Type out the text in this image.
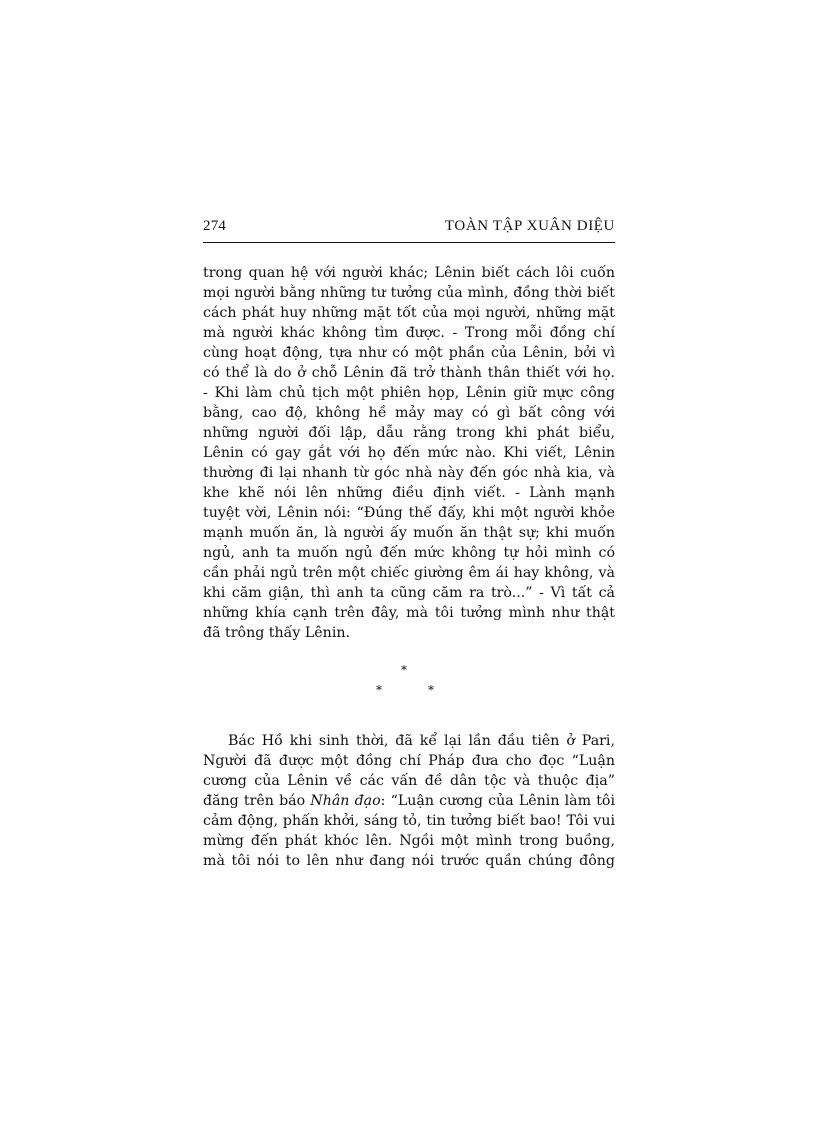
274	TOÀN TẬP XUÂN DIỆU
trong quan hệ với người khác; Lênin biết cách lôi cuốn
mọi người bằng những tư tưởng của mình, đồng thời biết
cách phát huy những mặt tốt của mọi người, những mặt
mà người khác không tìm được. - Trong mỗi đồng chí
cùng hoạt động, tựa như có một phần của Lênin, bởi vì
có thể là do ở chỗ Lênin đã trở thành thân thiết với họ.
- Khi làm chủ tịch một phiên họp, Lênin giữ mực công
bằng, cao độ, không hề mảy may có gì bất công với
những người đối lập, dẫu rằng trong khi phát biểu,
Lênin có gay gắt với họ đến mức nào. Khi viết, Lênin
thường đi lại nhanh từ góc nhà này đến góc nhà kia, và
khe khẽ nói lên những điều định viết. - Lành mạnh
tuyệt vời, Lênin nói: “Đúng thế đấy, khi một người khỏe
mạnh muốn ăn, là người ấy muốn ăn thật sự; khi muốn
ngủ, anh ta muốn ngủ đến mức không tự hỏi mình có
cần phải ngủ trên một chiếc giường êm ái hay không, và
khi căm giận, thì anh ta cũng căm ra trò...” - Vì tất cả
những khía cạnh trên đây, mà tôi tưởng mình như thật
đã trông thấy Lênin.
*
*	*
Bác Hồ khi sinh thời, đã kể lại lần đầu tiên ở Pari,
Người đã được một đồng chí Pháp đưa cho đọc “Luận
cương của Lênin về các vấn đề dân tộc và thuộc địa”
đăng trên báo Nhân đạo: “Luận cương của Lênin làm tôi
cảm động, phấn khởi, sáng tỏ, tin tưởng biết bao! Tôi vui
mừng đến phát khóc lên. Ngồi một mình trong buồng,
mà tôi nói to lên như đang nói trước quần chúng đông
